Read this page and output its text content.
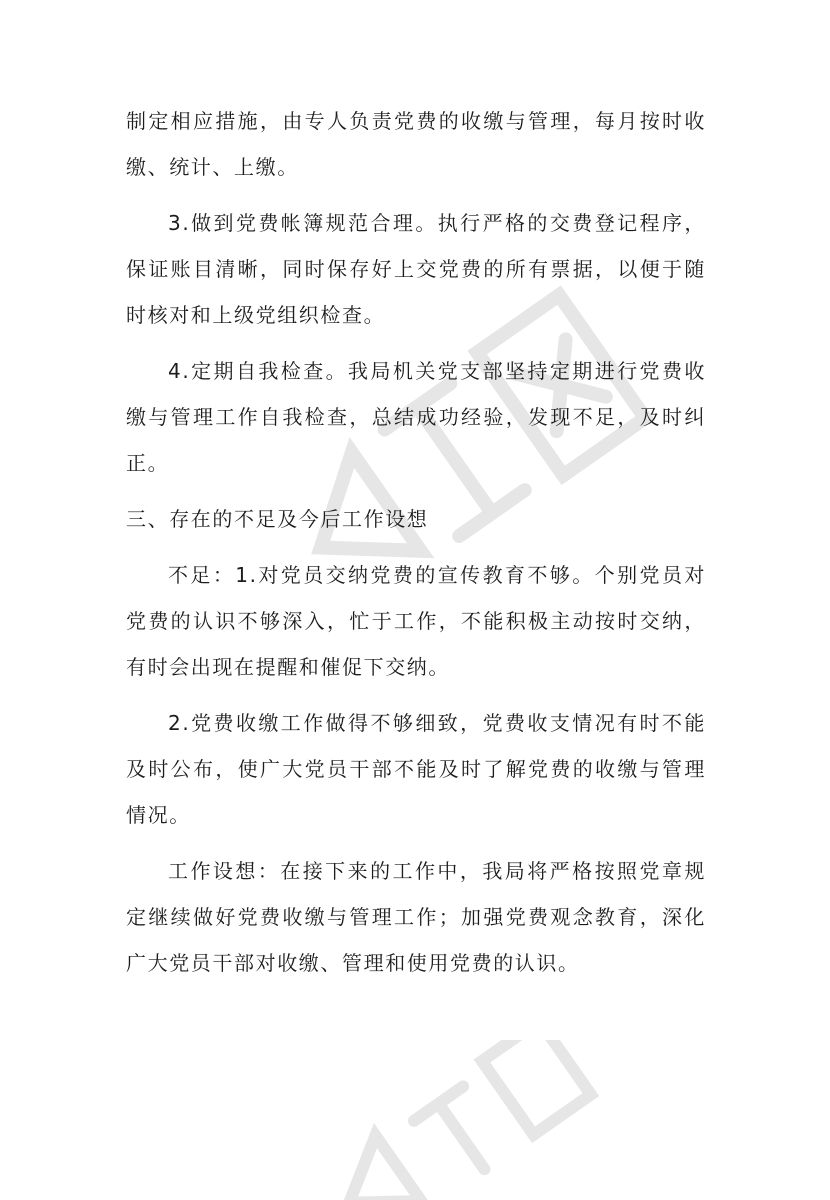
制定相应措施，由专人负责党费的收缴与管理，每月按时收缴、统计、上缴。

3.做到党费帐簿规范合理。执行严格的交费登记程序，保证账目清晰，同时保存好上交党费的所有票据，以便于随时核对和上级党组织检查。

4.定期自我检查。我局机关党支部坚持定期进行党费收缴与管理工作自我检查，总结成功经验，发现不足，及时纠正。

三、存在的不足及今后工作设想

不足：1.对党员交纳党费的宣传教育不够。个别党员对党费的认识不够深入，忙于工作，不能积极主动按时交纳，有时会出现在提醒和催促下交纳。

2.党费收缴工作做得不够细致，党费收支情况有时不能及时公布，使广大党员干部不能及时了解党费的收缴与管理情况。

工作设想：在接下来的工作中，我局将严格按照党章规定继续做好党费收缴与管理工作；加强党费观念教育，深化广大党员干部对收缴、管理和使用党费的认识。
